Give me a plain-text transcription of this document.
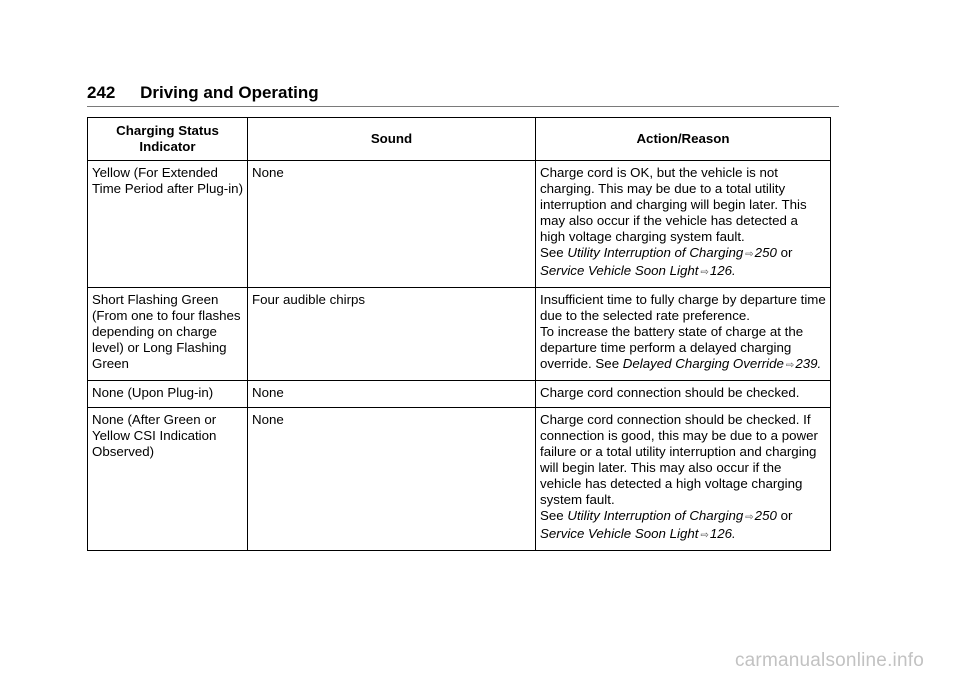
242 Driving and Operating
Charging Status Indicator	Sound	Action/Reason
Yellow (For Extended Time Period after Plug-in)	None	Charge cord is OK, but the vehicle is not charging. This may be due to a total utility interruption and charging will begin later. This may also occur if the vehicle has detected a high voltage charging system fault.
See Utility Interruption of Charging ⇨250 or Service Vehicle Soon Light ⇨126.
Short Flashing Green (From one to four flashes depending on charge level) or Long Flashing Green	Four audible chirps	Insufficient time to fully charge by departure time due to the selected rate preference.
To increase the battery state of charge at the departure time perform a delayed charging override. See Delayed Charging Override ⇨239.
None (Upon Plug-in)	None	Charge cord connection should be checked.
None (After Green or Yellow CSI Indication Observed)	None	Charge cord connection should be checked. If connection is good, this may be due to a power failure or a total utility interruption and charging will begin later. This may also occur if the vehicle has detected a high voltage charging system fault.
See Utility Interruption of Charging ⇨250 or Service Vehicle Soon Light ⇨126.
carmanualsonline.info
